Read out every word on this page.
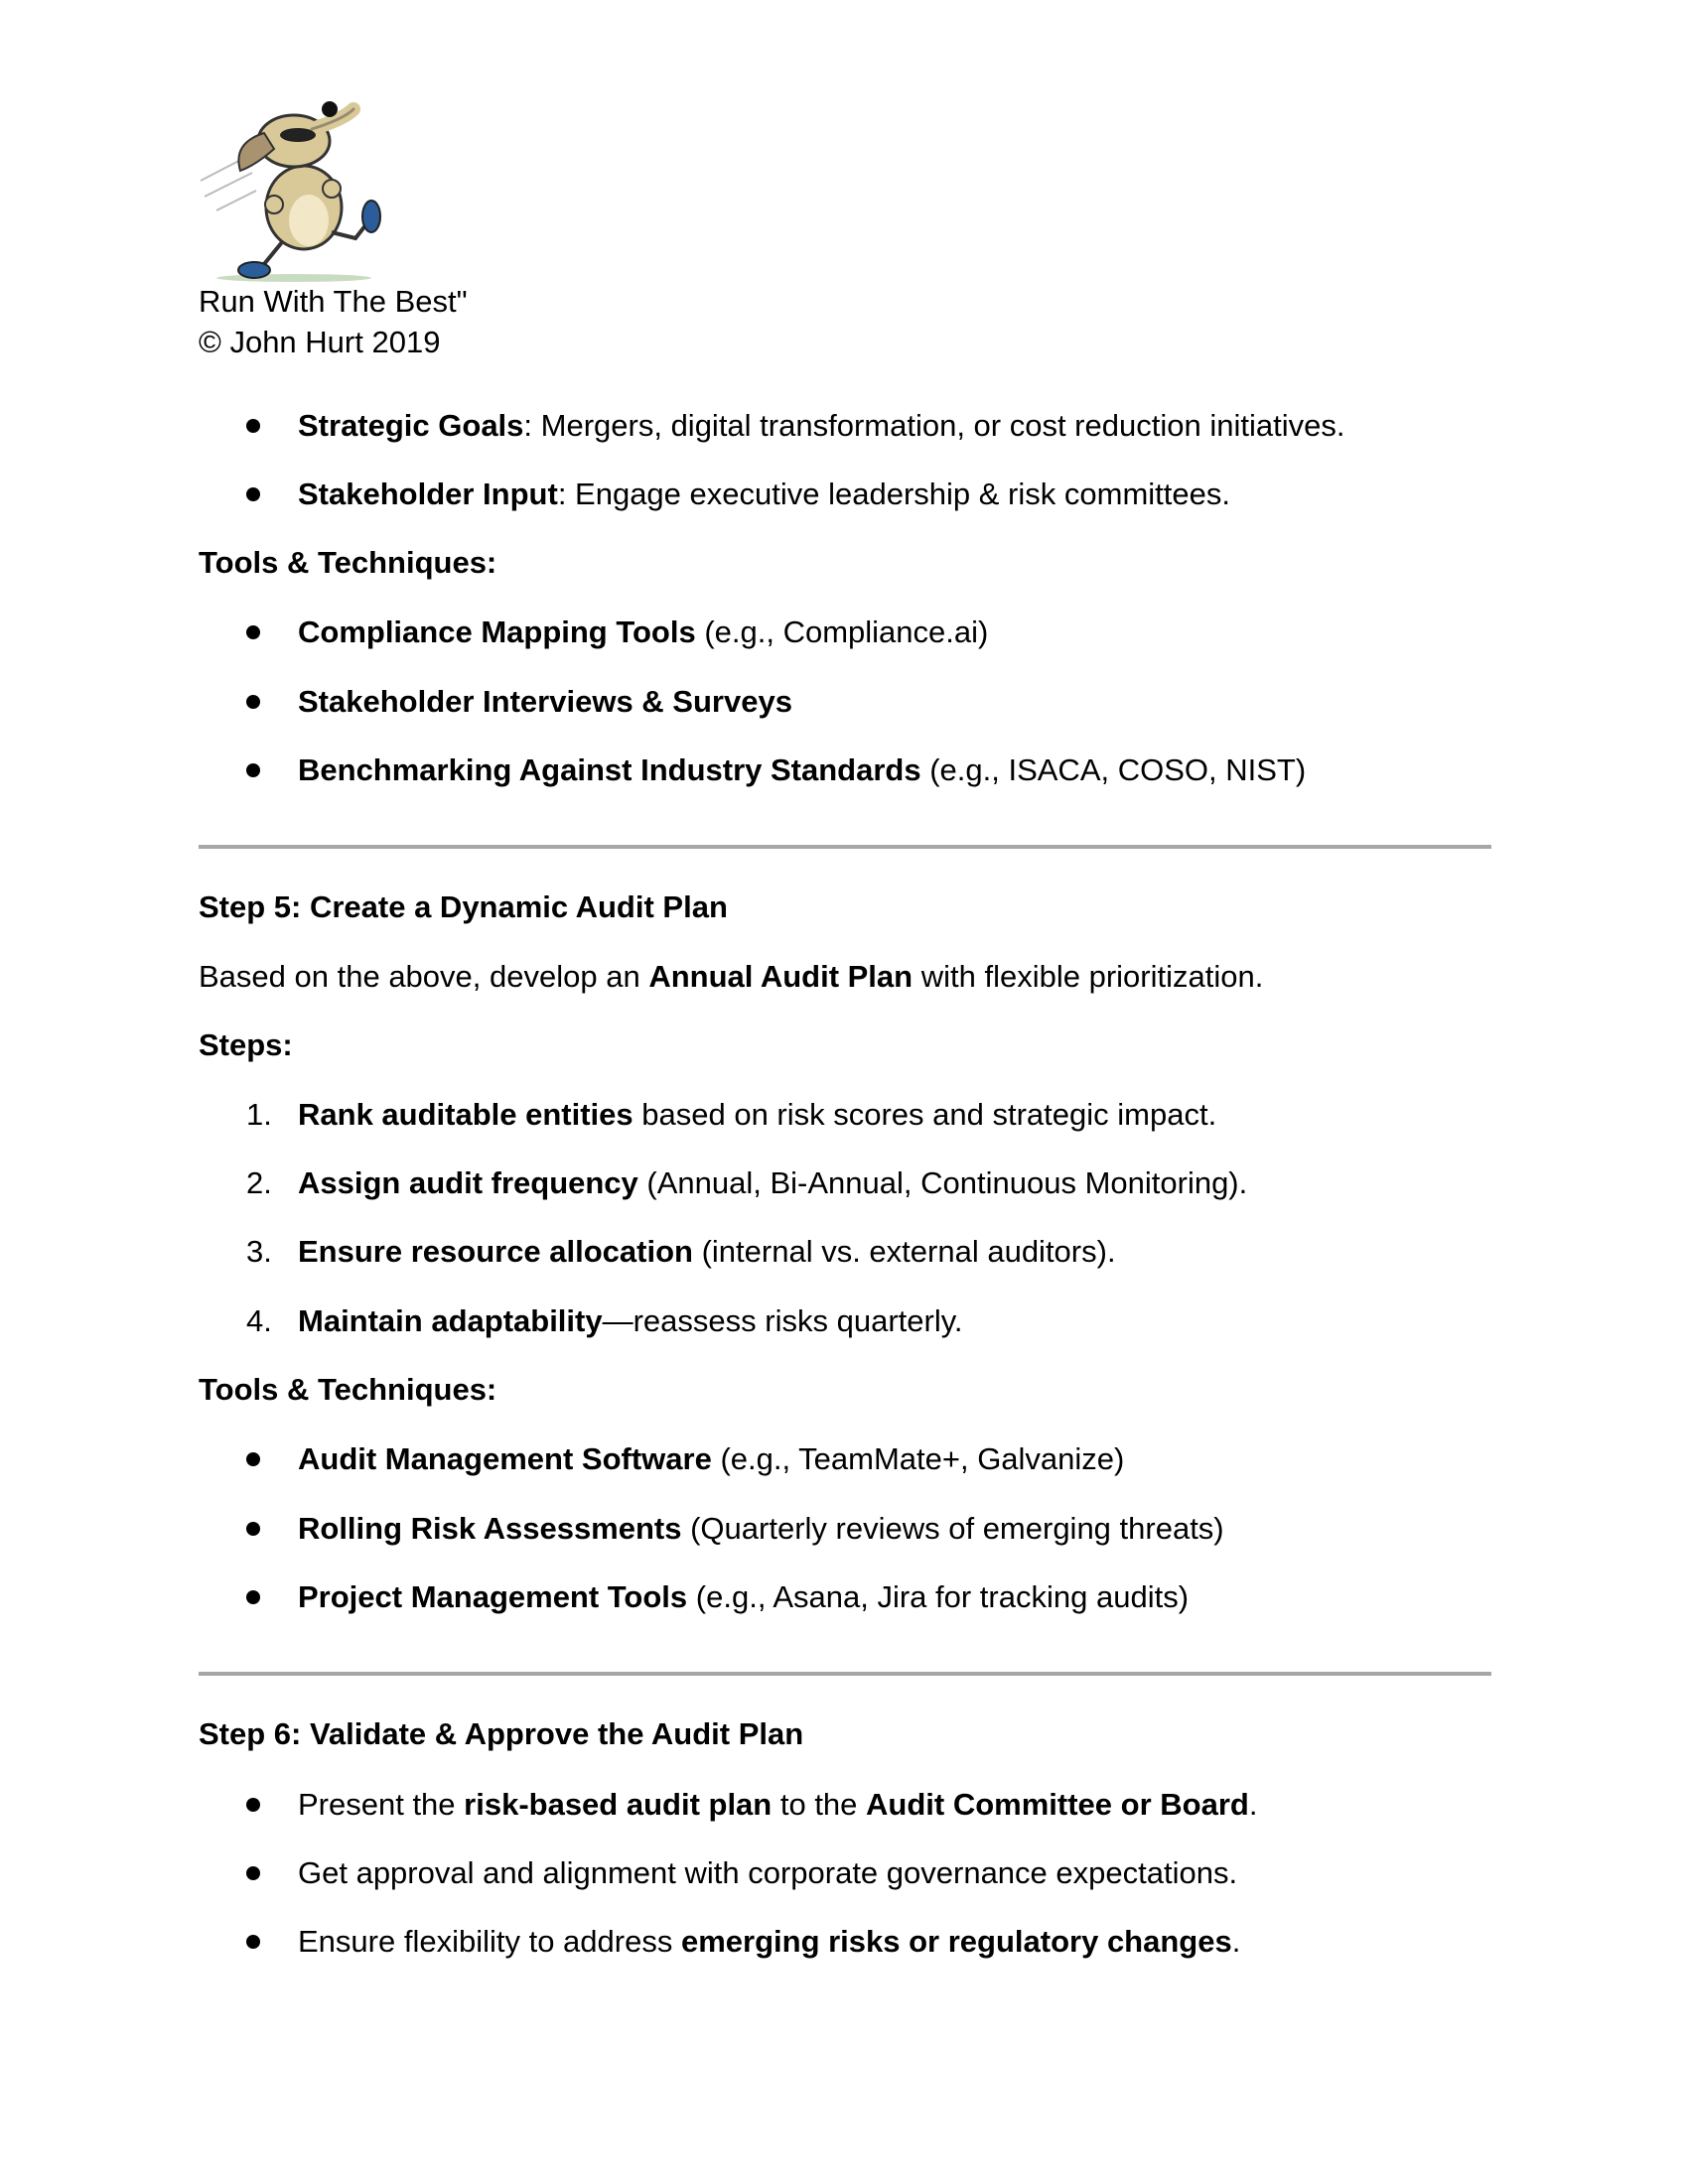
Run With The Best"
© John Hurt 2019
Strategic Goals: Mergers, digital transformation, or cost reduction initiatives.
Stakeholder Input: Engage executive leadership & risk committees.
Tools & Techniques:
Compliance Mapping Tools (e.g., Compliance.ai)
Stakeholder Interviews & Surveys
Benchmarking Against Industry Standards (e.g., ISACA, COSO, NIST)
Step 5: Create a Dynamic Audit Plan
Based on the above, develop an Annual Audit Plan with flexible prioritization.
Steps:
1. Rank auditable entities based on risk scores and strategic impact.
2. Assign audit frequency (Annual, Bi-Annual, Continuous Monitoring).
3. Ensure resource allocation (internal vs. external auditors).
4. Maintain adaptability—reassess risks quarterly.
Tools & Techniques:
Audit Management Software (e.g., TeamMate+, Galvanize)
Rolling Risk Assessments (Quarterly reviews of emerging threats)
Project Management Tools (e.g., Asana, Jira for tracking audits)
Step 6: Validate & Approve the Audit Plan
Present the risk-based audit plan to the Audit Committee or Board.
Get approval and alignment with corporate governance expectations.
Ensure flexibility to address emerging risks or regulatory changes.
